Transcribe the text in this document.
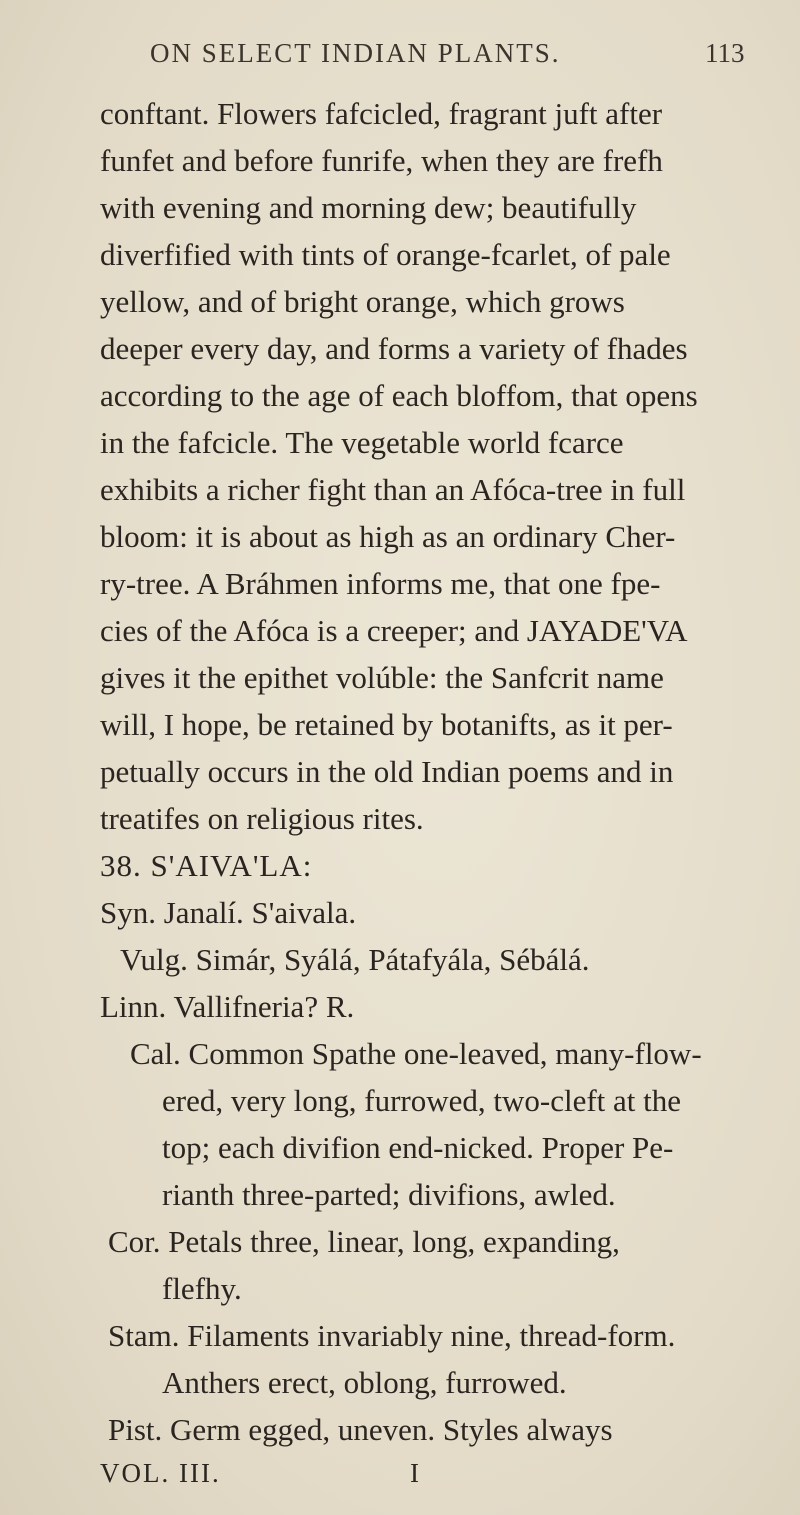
ON SELECT INDIAN PLANTS.	113
conftant. Flowers fafcicled, fragrant juft after
funfet and before funrife, when they are frefh
with evening and morning dew; beautifully
diverfified with tints of orange-fcarlet, of pale
yellow, and of bright orange, which grows
deeper every day, and forms a variety of fhades
according to the age of each bloffom, that opens
in the fafcicle. The vegetable world fcarce
exhibits a richer fight than an Afóca-tree in full
bloom: it is about as high as an ordinary Cher-
ry-tree. A Bráhmen informs me, that one fpe-
cies of the Afóca is a creeper; and JAYADE'VA
gives it the epithet volúble: the Sanfcrit name
will, I hope, be retained by botanifts, as it per-
petually occurs in the old Indian poems and in
treatifes on religious rites.
38. S'AIVA'LA:
Syn. Janalí. S'aivala.
Vulg. Simár, Syálá, Pátafyála, Sébálá.
Linn. Vallifneria? R.
Cal. Common Spathe one-leaved, many-flow-
ered, very long, furrowed, two-cleft at the
top; each divifion end-nicked. Proper Pe-
rianth three-parted; divifions, awled.
Cor. Petals three, linear, long, expanding,
flefhy.
Stam. Filaments invariably nine, thread-form.
Anthers erect, oblong, furrowed.
Pist. Germ egged, uneven. Styles always
VOL. III.	I
